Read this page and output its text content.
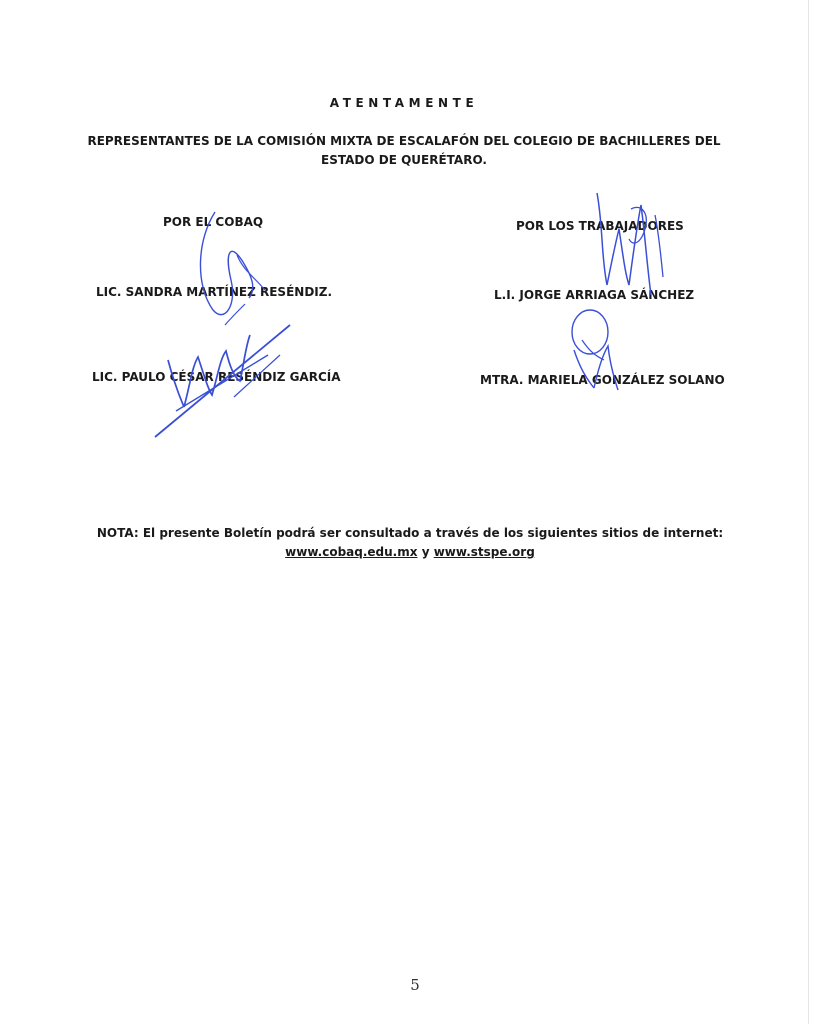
ATENTAMENTE
REPRESENTANTES DE LA COMISIÓN MIXTA DE ESCALAFÓN DEL COLEGIO DE BACHILLERES DEL ESTADO DE QUERÉTARO.
POR EL COBAQ	POR LOS TRABAJADORES
LIC. SANDRA MARTÍNEZ RESÉNDIZ.	L.I. JORGE ARRIAGA SÁNCHEZ
LIC. PAULO CÉSAR RESÉNDIZ GARCÍA	MTRA. MARIELA GONZÁLEZ SOLANO
NOTA: El presente Boletín podrá ser consultado a través de los siguientes sitios de internet: www.cobaq.edu.mx y www.stspe.org
5
